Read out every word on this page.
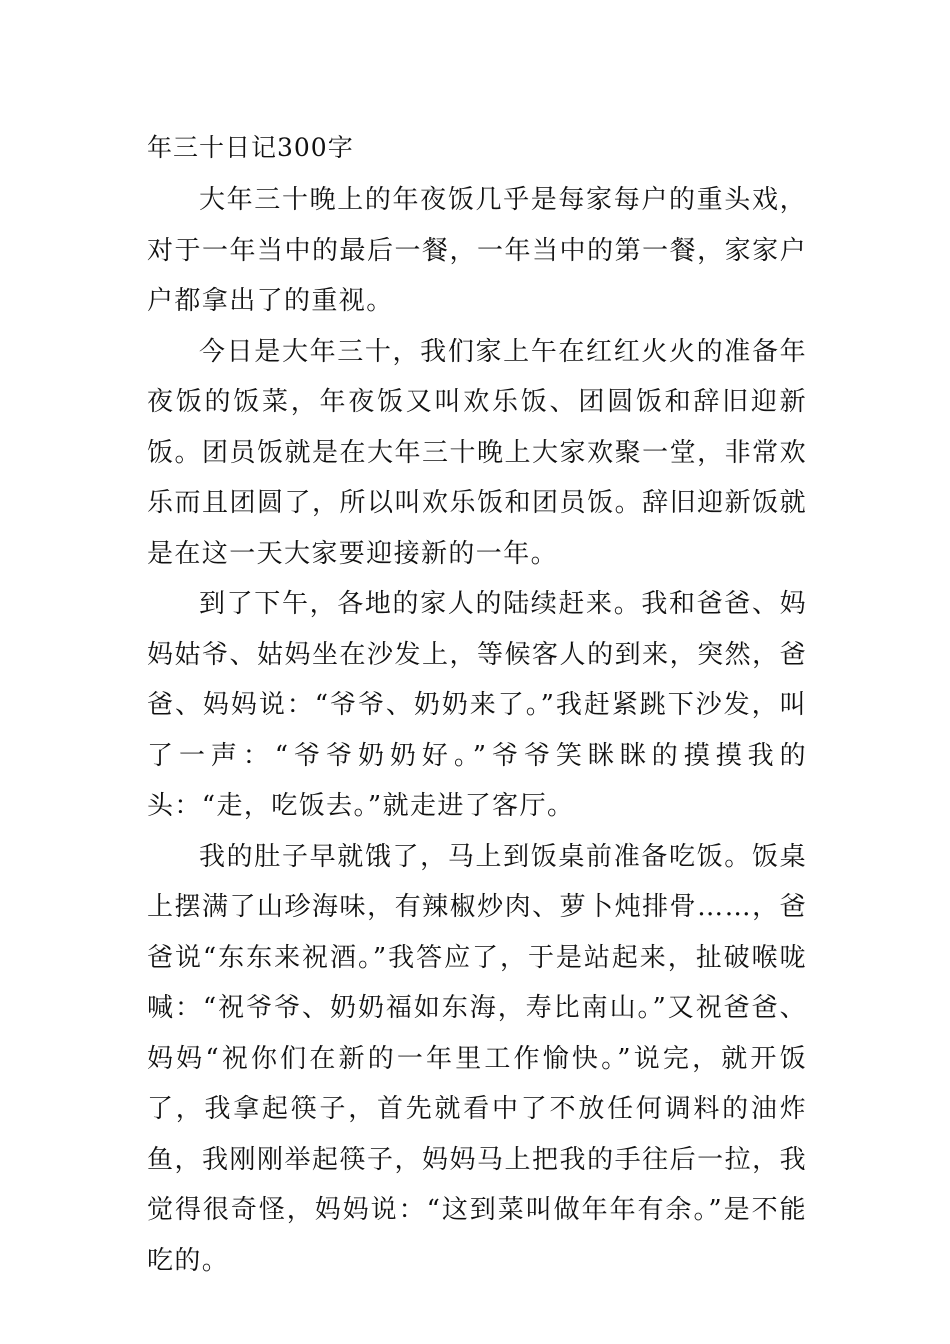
年三十日记300字

大年三十晚上的年夜饭几乎是每家每户的重头戏，对于一年当中的最后一餐，一年当中的第一餐，家家户户都拿出了的重视。

今日是大年三十，我们家上午在红红火火的准备年夜饭的饭菜，年夜饭又叫欢乐饭、团圆饭和辞旧迎新饭。团员饭就是在大年三十晚上大家欢聚一堂，非常欢乐而且团圆了，所以叫欢乐饭和团员饭。辞旧迎新饭就是在这一天大家要迎接新的一年。

到了下午，各地的家人的陆续赶来。我和爸爸、妈妈姑爷、姑妈坐在沙发上，等候客人的到来，突然，爸爸、妈妈说：“爷爷、奶奶来了。”我赶紧跳下沙发，叫了一声：“爷爷奶奶好。”爷爷笑眯眯的摸摸我的头：“走，吃饭去。”就走进了客厅。

我的肚子早就饿了，马上到饭桌前准备吃饭。饭桌上摆满了山珍海味，有辣椒炒肉、萝卜炖排骨……，爸爸说“东东来祝酒。”我答应了，于是站起来，扯破喉咙喊：“祝爷爷、奶奶福如东海，寿比南山。”又祝爸爸、妈妈“祝你们在新的一年里工作愉快。”说完，就开饭了，我拿起筷子，首先就看中了不放任何调料的油炸鱼，我刚刚举起筷子，妈妈马上把我的手往后一拉，我觉得很奇怪，妈妈说：“这到菜叫做年年有余。”是不能吃的。
